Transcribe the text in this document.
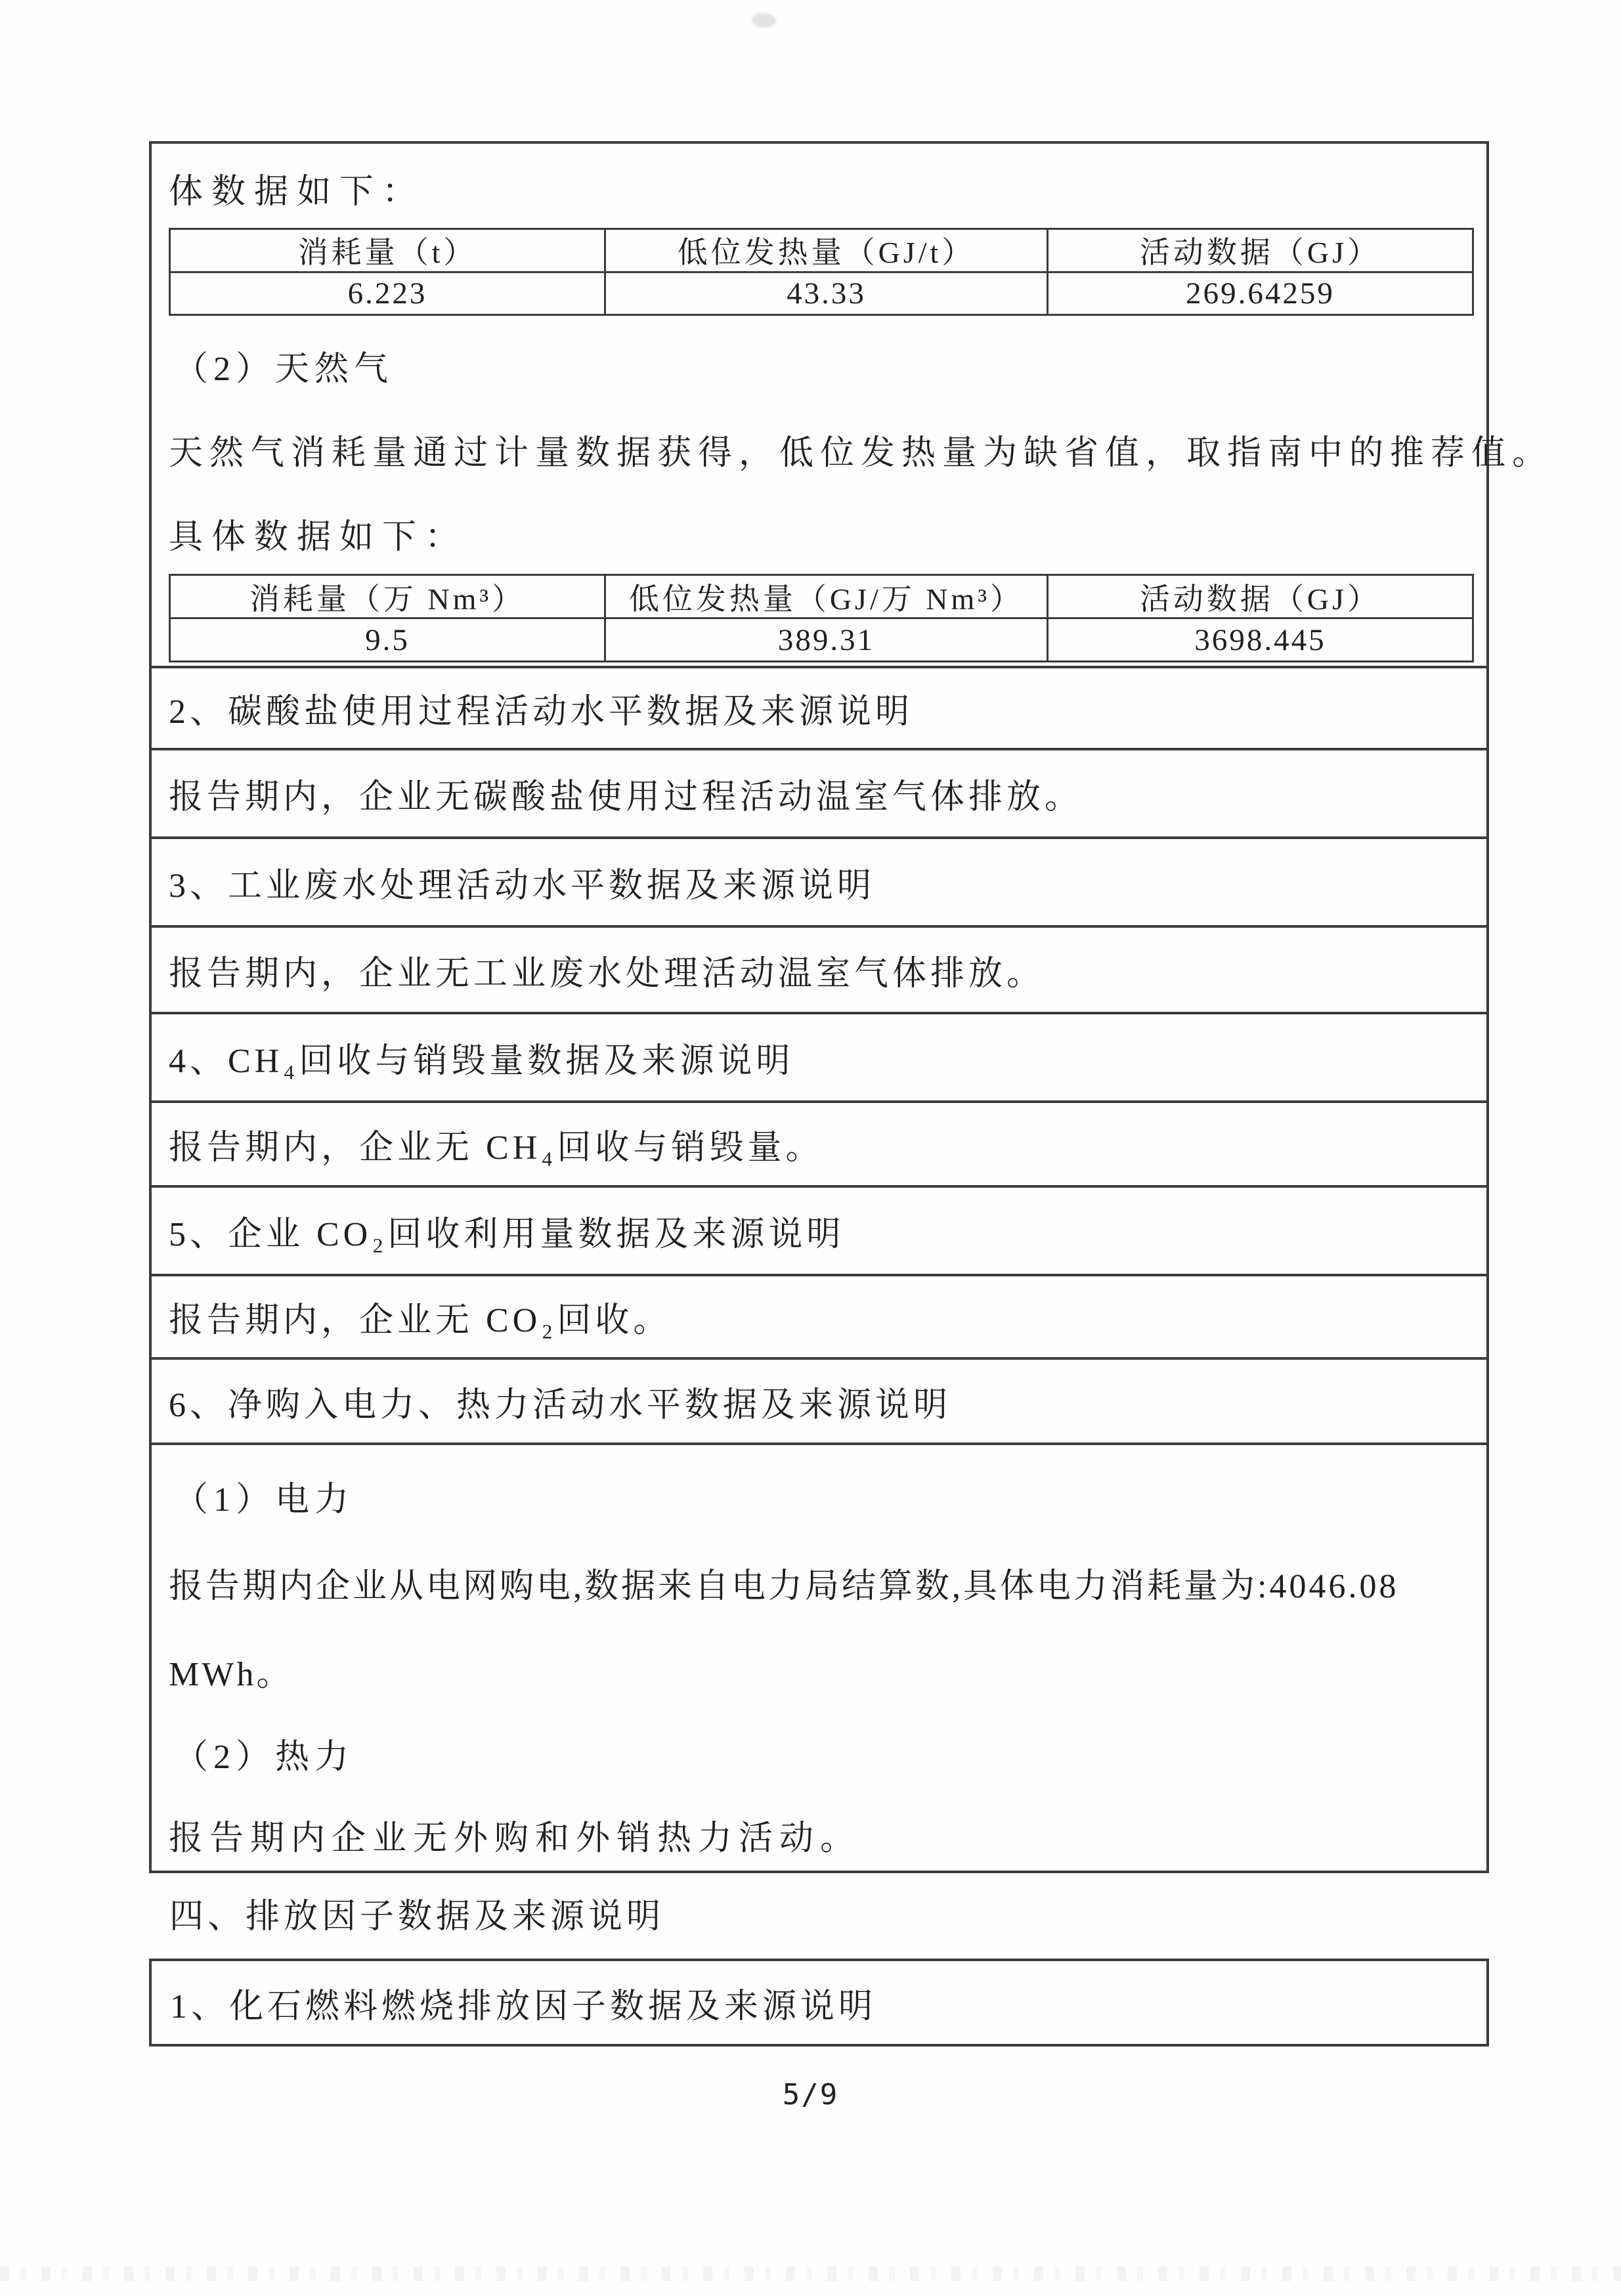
体数据如下：
消耗量（t）	低位发热量（GJ/t）	活动数据（GJ）
6.223	43.33	269.64259
（2）天然气
天然气消耗量通过计量数据获得，低位发热量为缺省值，取指南中的推荐值。
具体数据如下：
消耗量（万 Nm³）	低位发热量（GJ/万 Nm³）	活动数据（GJ）
9.5	389.31	3698.445
2、碳酸盐使用过程活动水平数据及来源说明
报告期内，企业无碳酸盐使用过程活动温室气体排放。
3、工业废水处理活动水平数据及来源说明
报告期内，企业无工业废水处理活动温室气体排放。
4、CH₄回收与销毁量数据及来源说明
报告期内，企业无 CH₄回收与销毁量。
5、企业 CO₂回收利用量数据及来源说明
报告期内，企业无 CO₂回收。
6、净购入电力、热力活动水平数据及来源说明
（1）电力
报告期内企业从电网购电,数据来自电力局结算数,具体电力消耗量为:4046.08
MWh。
（2）热力
报告期内企业无外购和外销热力活动。
四、排放因子数据及来源说明
1、化石燃料燃烧排放因子数据及来源说明
5/9
